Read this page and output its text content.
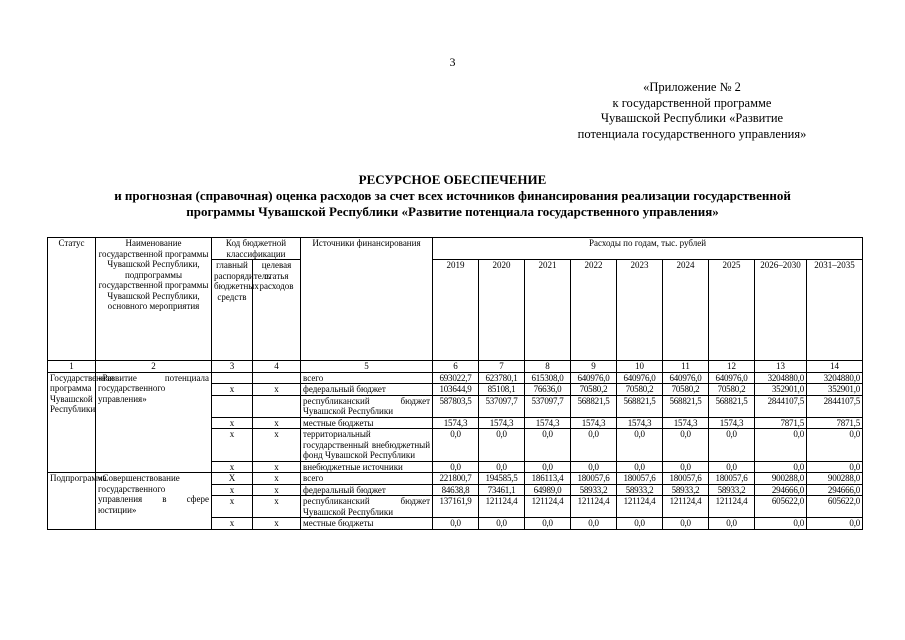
3
«Приложение № 2
к государственной программе
Чувашской Республики «Развитие
потенциала государственного управления»
РЕСУРСНОЕ ОБЕСПЕЧЕНИЕ
и прогнозная (справочная) оценка расходов за счет всех источников финансирования реализации государственной
программы Чувашской Республики «Развитие потенциала государственного управления»
Статус	Наименование государственной программы Чувашской Республики, подпрограммы государственной программы Чувашской Республики, основного мероприятия	Код бюджетной классификации		Источники финансирования	Расходы по годам, тыс. рублей								
		главный распорядитель бюджетных средств	целевая статья расходов		2019	2020	2021	2022	2023	2024	2025	2026–2030	2031–2035
1	2	3	4	5	6	7	8	9	10	11	12	13	14
Государственная программа Чувашской Республики	«Развитие потенциала государственного управления»			всего	693022,7	623780,1	615308,0	640976,0	640976,0	640976,0	640976,0	3204880,0	3204880,0
		x	x	федеральный бюджет	103644,9	85108,1	76636,0	70580,2	70580,2	70580,2	70580,2	352901,0	352901,0
				республиканский бюджет Чувашской Республики	587803,5	537097,7	537097,7	568821,5	568821,5	568821,5	568821,5	2844107,5	2844107,5
		x	x	местные бюджеты	1574,3	1574,3	1574,3	1574,3	1574,3	1574,3	1574,3	7871,5	7871,5
		x	x	территориальный государственный внебюджетный фонд Чувашской Республики	0,0	0,0	0,0	0,0	0,0	0,0	0,0	0,0	0,0
		x	x	внебюджетные источники	0,0	0,0	0,0	0,0	0,0	0,0	0,0	0,0	0,0
Подпрограмма	«Совершенствование государственного управления в сфере юстиции»	X	x	всего	221800,7	194585,5	186113,4	180057,6	180057,6	180057,6	180057,6	900288,0	900288,0
		x	x	федеральный бюджет	84638,8	73461,1	64989,0	58933,2	58933,2	58933,2	58933,2	294666,0	294666,0
		x	x	республиканский бюджет Чувашской Республики	137161,9	121124,4	121124,4	121124,4	121124,4	121124,4	121124,4	605622,0	605622,0
		x	x	местные бюджеты	0,0	0,0	0,0	0,0	0,0	0,0	0,0	0,0	0,0
